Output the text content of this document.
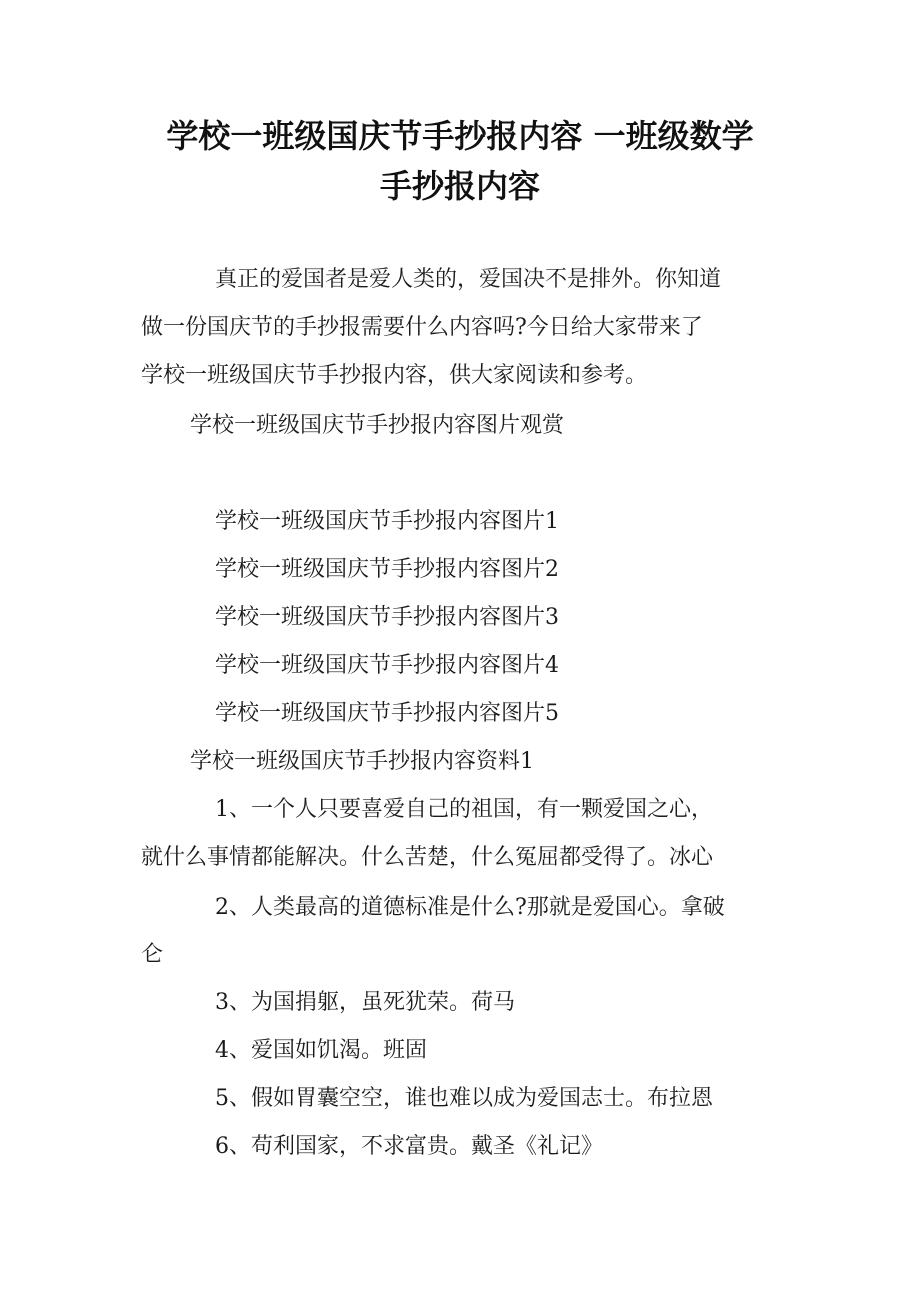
学校一班级国庆节手抄报内容 一班级数学
手抄报内容
真正的爱国者是爱人类的，爱国决不是排外。你知道
做一份国庆节的手抄报需要什么内容吗?今日给大家带来了
学校一班级国庆节手抄报内容，供大家阅读和参考。
学校一班级国庆节手抄报内容图片观赏
学校一班级国庆节手抄报内容图片1
学校一班级国庆节手抄报内容图片2
学校一班级国庆节手抄报内容图片3
学校一班级国庆节手抄报内容图片4
学校一班级国庆节手抄报内容图片5
学校一班级国庆节手抄报内容资料1
1、一个人只要喜爱自己的祖国，有一颗爱国之心，
就什么事情都能解决。什么苦楚，什么冤屈都受得了。冰心
2、人类最高的道德标准是什么?那就是爱国心。拿破
仑
3、为国捐躯，虽死犹荣。荷马
4、爱国如饥渴。班固
5、假如胃囊空空，谁也难以成为爱国志士。布拉恩
6、苟利国家，不求富贵。戴圣《礼记》
